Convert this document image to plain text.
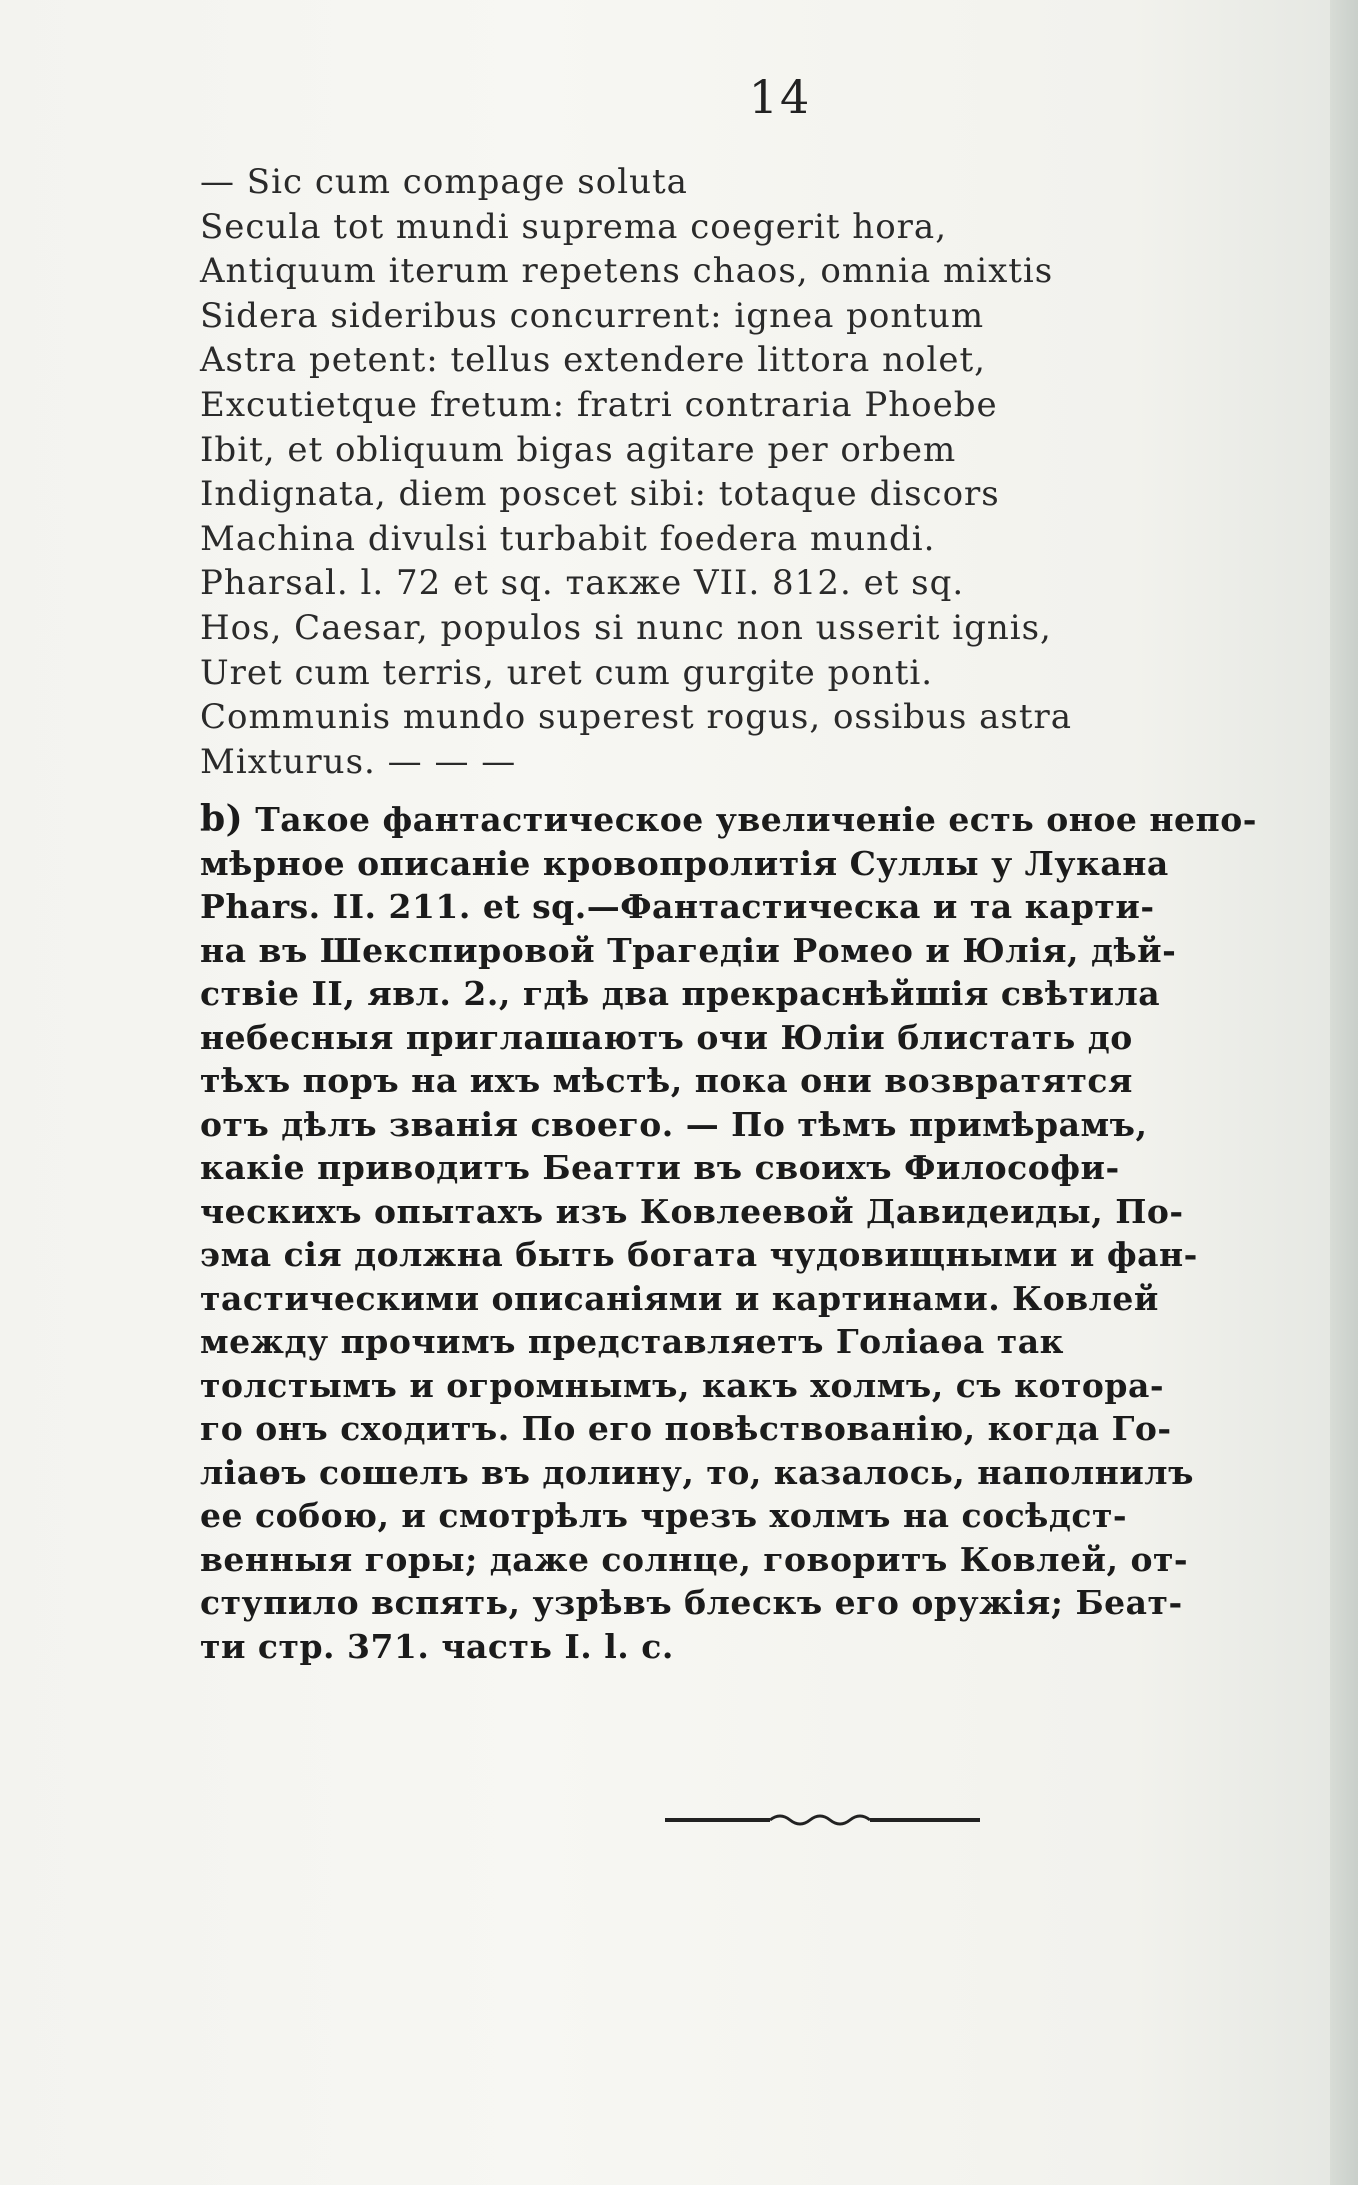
14
— Sic cum compage soluta
Secula tot mundi suprema coegerit hora,
Antiquum iterum repetens chaos, omnia mixtis
Sidera sideribus concurrent: ignea pontum
Astra petent: tellus extendere littora nolet,
Excutietque fretum: fratri contraria Phoebe
Ibit, et obliquum bigas agitare per orbem
Indignata, diem poscet sibi: totaque discors
Machina divulsi turbabit foedera mundi.
Pharsal. l. 72 et sq. также VII. 812. et sq.
Hos, Caesar, populos si nunc non usserit ignis,
Uret cum terris, uret cum gurgite ponti.
Communis mundo superest rogus, ossibus astra
Mixturus. — — —
b) Такое фантастическое увеличеніе есть оное непо-
мѣрное описаніе кровопролитія Суллы у Лукана
Phars. II. 211. et sq.—Фантастическа и та карти-
на въ Шекспировой Трагедіи Ромео и Юлія, дѣй-
ствіе II, явл. 2., гдѣ два прекраснѣйшія свѣтила
небесныя приглашаютъ очи Юліи блистать до
тѣхъ поръ на ихъ мѣстѣ, пока они возвратятся
отъ дѣлъ званія своего. — По тѣмъ примѣрамъ,
какіе приводитъ Беатти въ своихъ Философи-
ческихъ опытахъ изъ Ковлеевой Давидеиды, По-
эма сія должна быть богата чудовищными и фан-
тастическими описаніями и картинами. Ковлей
между прочимъ представляетъ Голіаөа так
толстымъ и огромнымъ, какъ холмъ, съ котора-
го онъ сходитъ. По его повѣствованію, когда Го-
ліаөъ сошелъ въ долину, то, казалось, наполнилъ
ее собою, и смотрѣлъ чрезъ холмъ на сосѣдст-
венныя горы; даже солнце, говоритъ Ковлей, от-
ступило вспять, узрѣвъ блескъ его оружія; Беат-
ти стр. 371. часть I. l. c.
